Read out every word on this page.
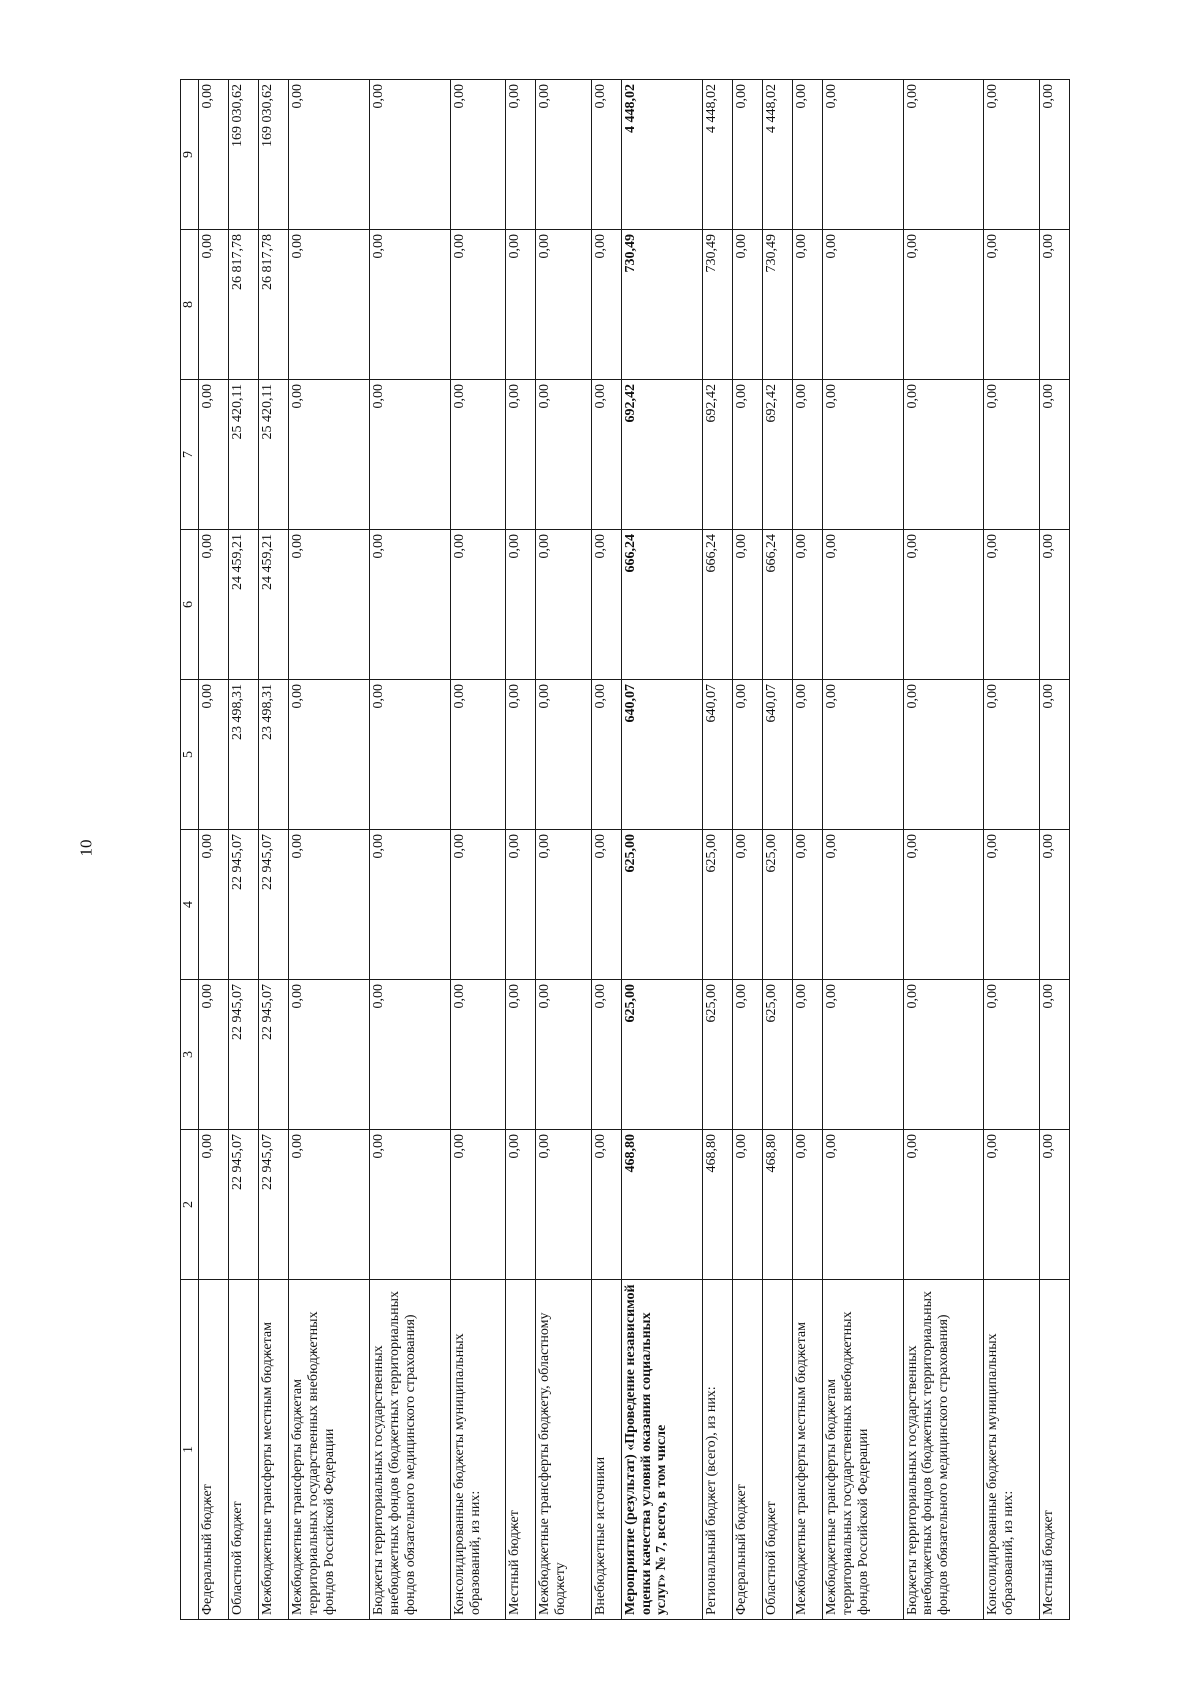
10
1	2	3	4	5	6	7	8	9
Федеральный бюджет	0,00	0,00	0,00	0,00	0,00	0,00	0,00	0,00
Областной бюджет	22 945,07	22 945,07	22 945,07	23 498,31	24 459,21	25 420,11	26 817,78	169 030,62
Межбюджетные трансферты местным бюджетам	22 945,07	22 945,07	22 945,07	23 498,31	24 459,21	25 420,11	26 817,78	169 030,62
Межбюджетные трансферты бюджетам территориальных государственных внебюджетных фондов Российской Федерации	0,00	0,00	0,00	0,00	0,00	0,00	0,00	0,00
Бюджеты территориальных государственных внебюджетных фондов (бюджетных территориальных фондов обязательного медицинского страхования)	0,00	0,00	0,00	0,00	0,00	0,00	0,00	0,00
Консолидированные бюджеты муниципальных образований, из них:	0,00	0,00	0,00	0,00	0,00	0,00	0,00	0,00
Местный бюджет	0,00	0,00	0,00	0,00	0,00	0,00	0,00	0,00
Межбюджетные трансферты бюджету, областному бюджету	0,00	0,00	0,00	0,00	0,00	0,00	0,00	0,00
Внебюджетные источники	0,00	0,00	0,00	0,00	0,00	0,00	0,00	0,00
Мероприятие (результат) «Проведение независимой оценки качества условий оказания социальных услуг» № 7, всего, в том числе	468,80	625,00	625,00	640,07	666,24	692,42	730,49	4 448,02
Региональный бюджет (всего), из них:	468,80	625,00	625,00	640,07	666,24	692,42	730,49	4 448,02
Федеральный бюджет	0,00	0,00	0,00	0,00	0,00	0,00	0,00	0,00
Областной бюджет	468,80	625,00	625,00	640,07	666,24	692,42	730,49	4 448,02
Межбюджетные трансферты местным бюджетам	0,00	0,00	0,00	0,00	0,00	0,00	0,00	0,00
Межбюджетные трансферты бюджетам территориальных государственных внебюджетных фондов Российской Федерации	0,00	0,00	0,00	0,00	0,00	0,00	0,00	0,00
Бюджеты территориальных государственных внебюджетных фондов (бюджетных территориальных фондов обязательного медицинского страхования)	0,00	0,00	0,00	0,00	0,00	0,00	0,00	0,00
Консолидированные бюджеты муниципальных образований, из них:	0,00	0,00	0,00	0,00	0,00	0,00	0,00	0,00
Местный бюджет	0,00	0,00	0,00	0,00	0,00	0,00	0,00	0,00
